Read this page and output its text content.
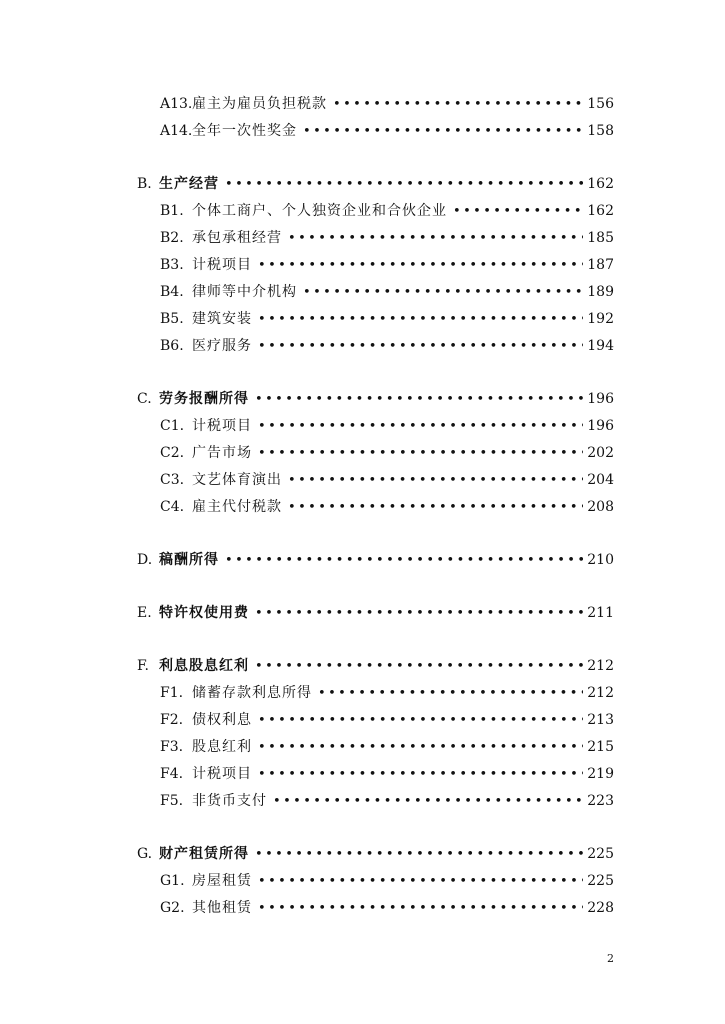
A13. 雇主为雇员负担税款 •••••	156
A14. 全年一次性奖金 •••••	158
B. 生产经营 •••••	162
B1. 个体工商户、个人独资企业和合伙企业 •••••	162
B2. 承包承租经营 •••••	185
B3. 计税项目 •••••	187
B4. 律师等中介机构 •••••	189
B5. 建筑安装 •••••	192
B6. 医疗服务 •••••	194
C. 劳务报酬所得 •••••	196
C1. 计税项目 •••••	196
C2. 广告市场 •••••	202
C3. 文艺体育演出 •••••	204
C4. 雇主代付税款 •••••	208
D. 稿酬所得 •••••	210
E. 特许权使用费 •••••	211
F. 利息股息红利 •••••	212
F1. 储蓄存款利息所得 •••••	212
F2. 债权利息 •••••	213
F3. 股息红利 •••••	215
F4. 计税项目 •••••	219
F5. 非货币支付 •••••	223
G. 财产租赁所得 •••••	225
G1. 房屋租赁 •••••	225
G2. 其他租赁 •••••	228
2
